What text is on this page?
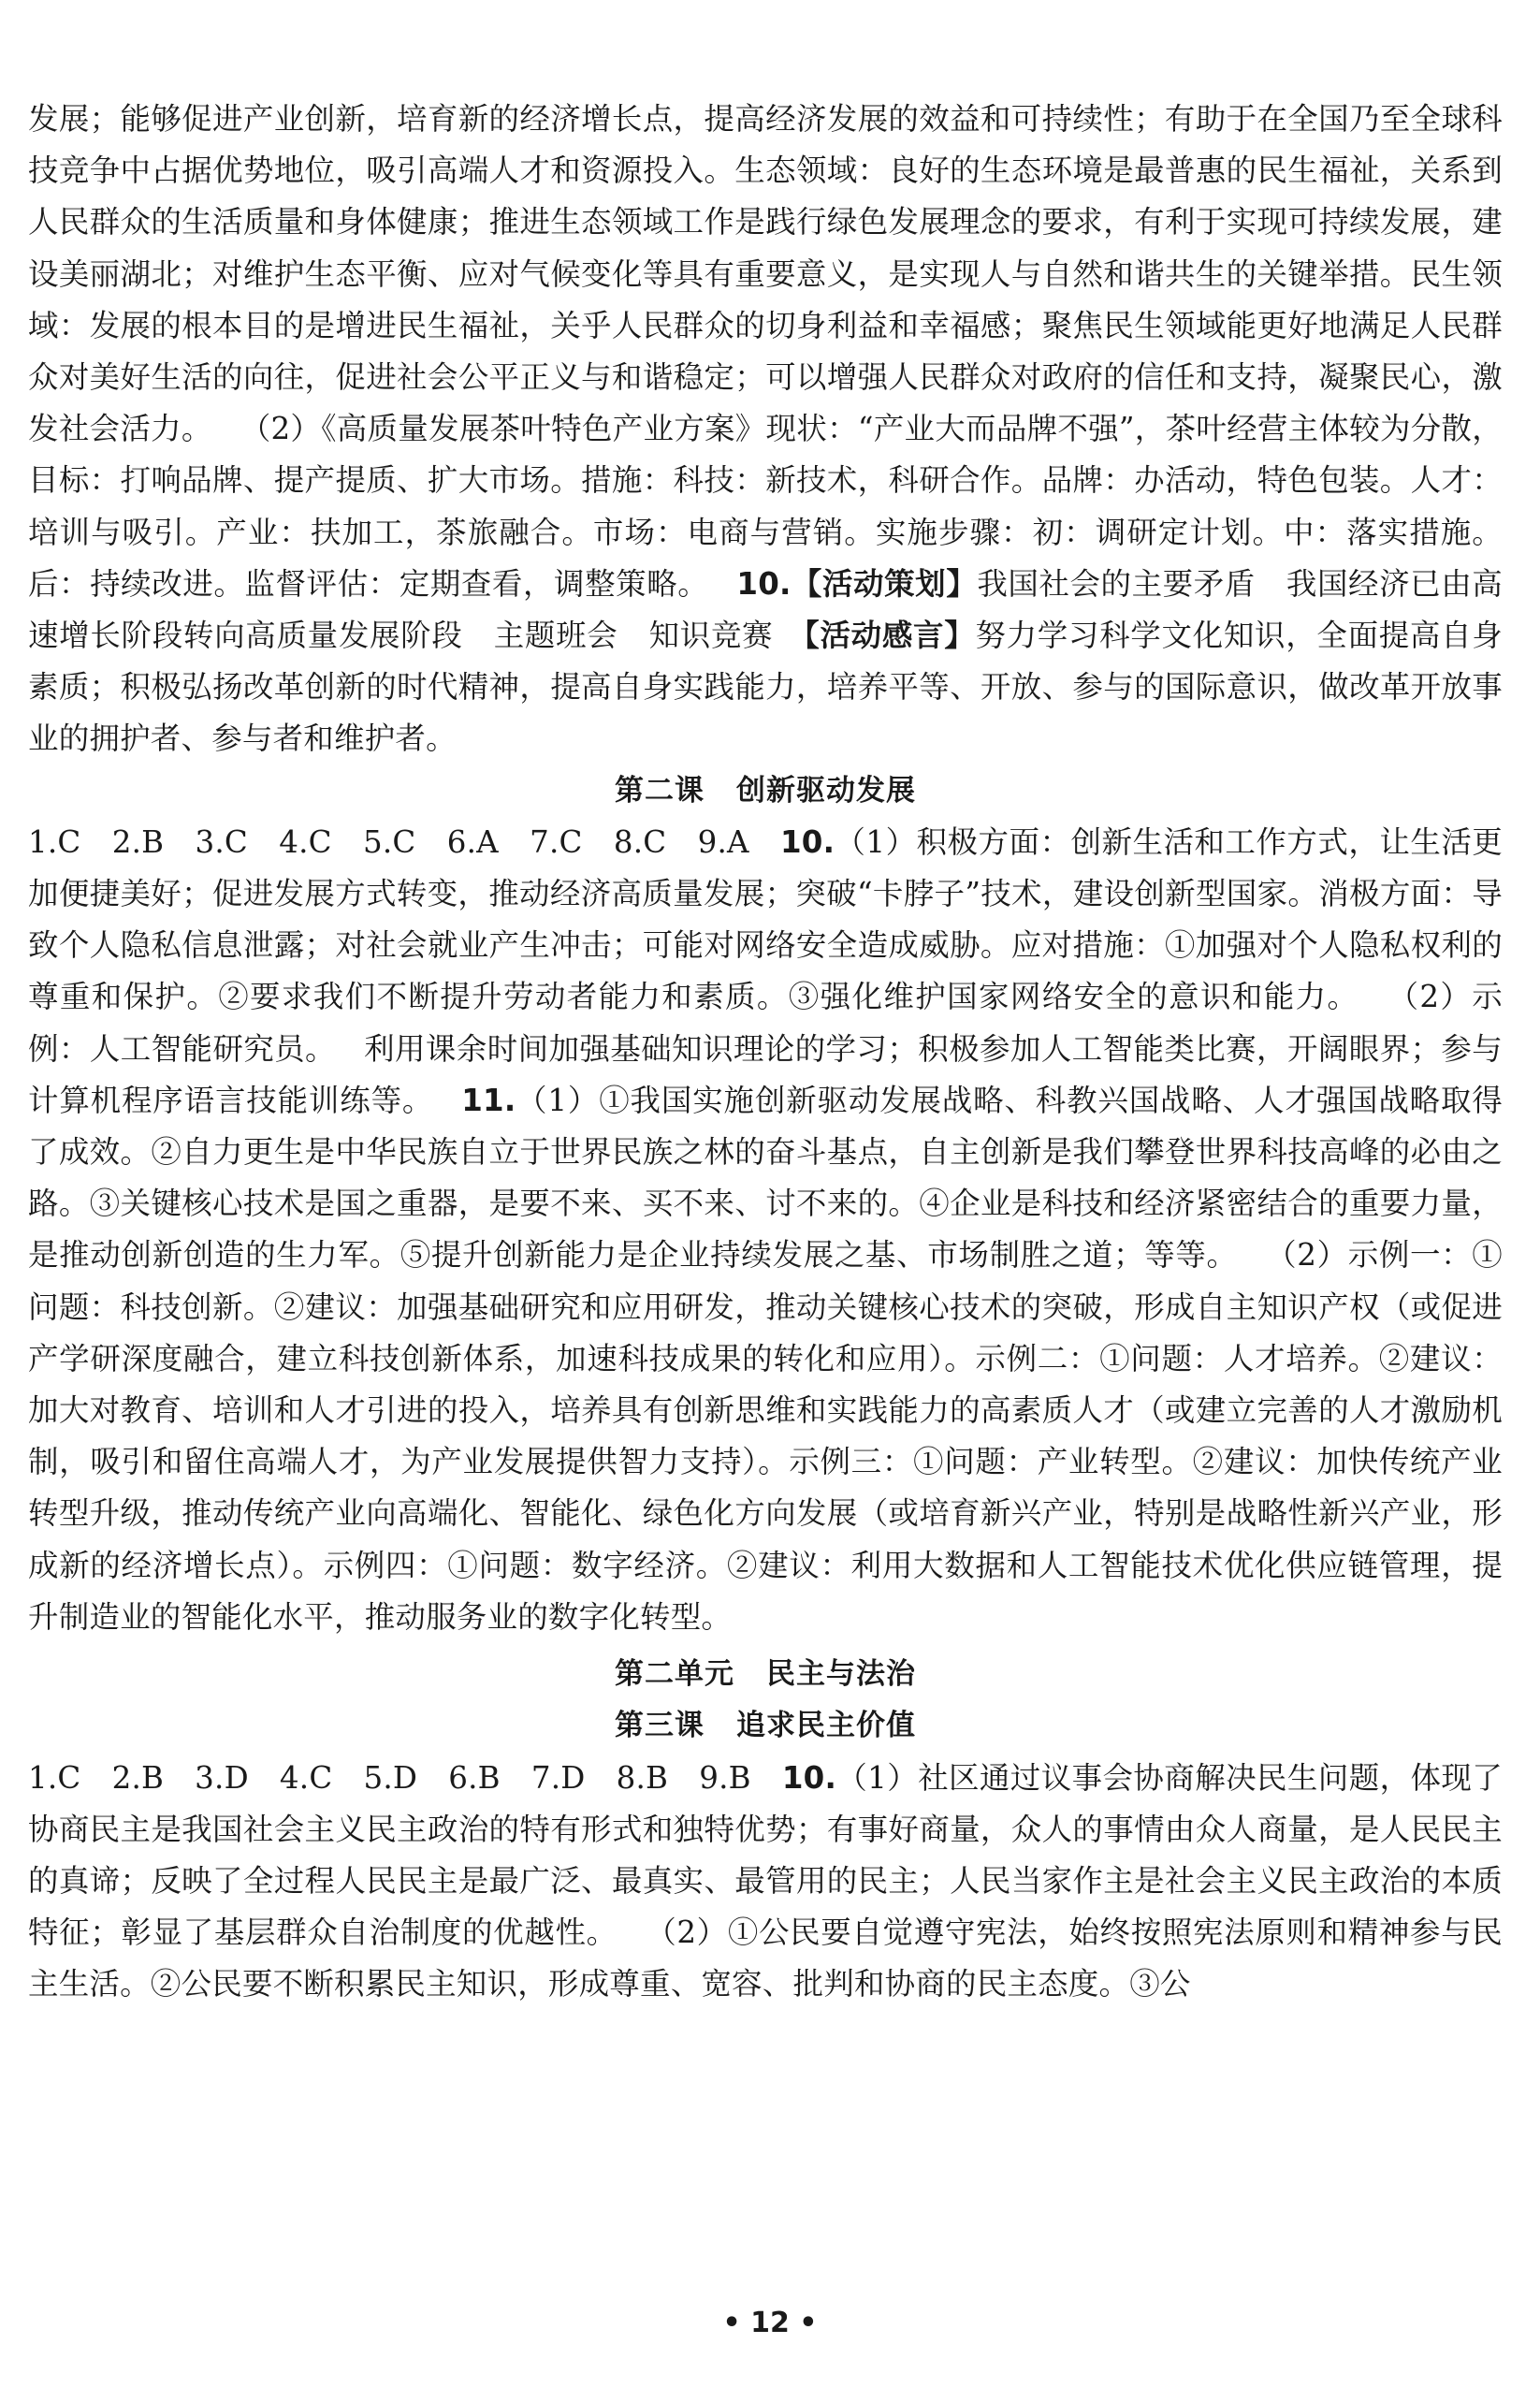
发展；能够促进产业创新，培育新的经济增长点，提高经济发展的效益和可持续性；有助于在全国乃至全球科技竞争中占据优势地位，吸引高端人才和资源投入。生态领域：良好的生态环境是最普惠的民生福祉，关系到人民群众的生活质量和身体健康；推进生态领域工作是践行绿色发展理念的要求，有利于实现可持续发展，建设美丽湖北；对维护生态平衡、应对气候变化等具有重要意义，是实现人与自然和谐共生的关键举措。民生领域：发展的根本目的是增进民生福祉，关乎人民群众的切身利益和幸福感；聚焦民生领域能更好地满足人民群众对美好生活的向往，促进社会公平正义与和谐稳定；可以增强人民群众对政府的信任和支持，凝聚民心，激发社会活力。 （2）《高质量发展茶叶特色产业方案》现状：“产业大而品牌不强”，茶叶经营主体较为分散，目标：打响品牌、提产提质、扩大市场。措施：科技：新技术，科研合作。品牌：办活动，特色包装。人才：培训与吸引。产业：扶加工，茶旅融合。市场：电商与营销。实施步骤：初：调研定计划。中：落实措施。后：持续改进。监督评估：定期查看，调整策略。 10.【活动策划】我国社会的主要矛盾　我国经济已由高速增长阶段转向高质量发展阶段　主题班会　知识竞赛　【活动感言】努力学习科学文化知识，全面提高自身素质；积极弘扬改革创新的时代精神，提高自身实践能力，培养平等、开放、参与的国际意识，做改革开放事业的拥护者、参与者和维护者。

第二课 创新驱动发展

1.C　2.B　3.C　4.C　5.C　6.A　7.C　8.C　9.A　10.（1）积极方面：创新生活和工作方式，让生活更加便捷美好；促进发展方式转变，推动经济高质量发展；突破“卡脖子”技术，建设创新型国家。消极方面：导致个人隐私信息泄露；对社会就业产生冲击；可能对网络安全造成威胁。应对措施：①加强对个人隐私权利的尊重和保护。②要求我们不断提升劳动者能力和素质。③强化维护国家网络安全的意识和能力。 （2）示例：人工智能研究员。 利用课余时间加强基础知识理论的学习；积极参加人工智能类比赛，开阔眼界；参与计算机程序语言技能训练等。 11.（1）①我国实施创新驱动发展战略、科教兴国战略、人才强国战略取得了成效。②自力更生是中华民族自立于世界民族之林的奋斗基点，自主创新是我们攀登世界科技高峰的必由之路。③关键核心技术是国之重器，是要不来、买不来、讨不来的。④企业是科技和经济紧密结合的重要力量，是推动创新创造的生力军。⑤提升创新能力是企业持续发展之基、市场制胜之道；等等。 （2）示例一：①问题：科技创新。②建议：加强基础研究和应用研发，推动关键核心技术的突破，形成自主知识产权（或促进产学研深度融合，建立科技创新体系，加速科技成果的转化和应用）。示例二：①问题：人才培养。②建议：加大对教育、培训和人才引进的投入，培养具有创新思维和实践能力的高素质人才（或建立完善的人才激励机制，吸引和留住高端人才，为产业发展提供智力支持）。示例三：①问题：产业转型。②建议：加快传统产业转型升级，推动传统产业向高端化、智能化、绿色化方向发展（或培育新兴产业，特别是战略性新兴产业，形成新的经济增长点）。示例四：①问题：数字经济。②建议：利用大数据和人工智能技术优化供应链管理，提升制造业的智能化水平，推动服务业的数字化转型。

第二单元 民主与法治

第三课 追求民主价值

1.C　2.B　3.D　4.C　5.D　6.B　7.D　8.B　9.B　10.（1）社区通过议事会协商解决民生问题，体现了协商民主是我国社会主义民主政治的特有形式和独特优势；有事好商量，众人的事情由众人商量，是人民民主的真谛；反映了全过程人民民主是最广泛、最真实、最管用的民主；人民当家作主是社会主义民主政治的本质特征；彰显了基层群众自治制度的优越性。 （2）①公民要自觉遵守宪法，始终按照宪法原则和精神参与民主生活。②公民要不断积累民主知识，形成尊重、宽容、批判和协商的民主态度。③公

• 12 •
